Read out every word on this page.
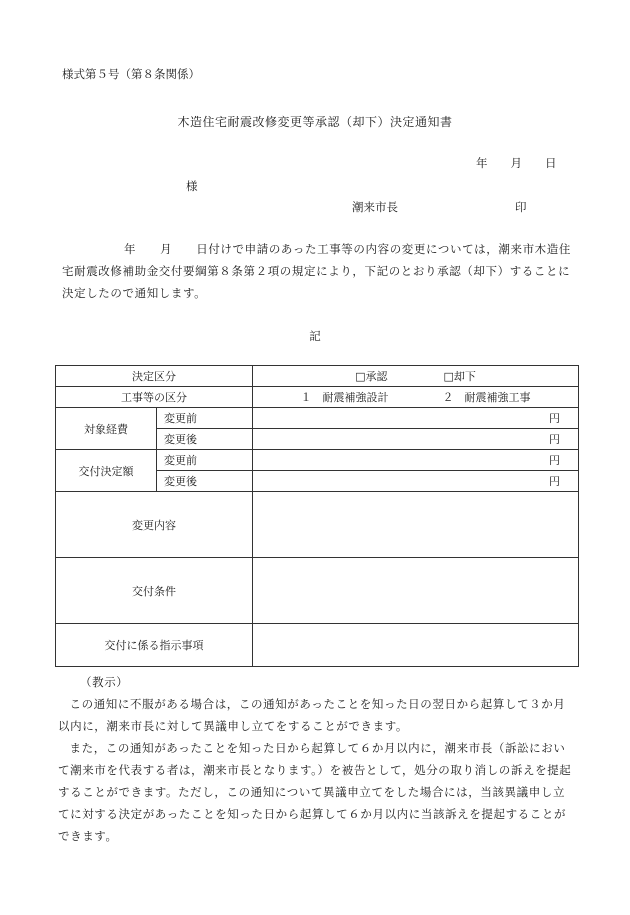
様式第５号（第８条関係）
木造住宅耐震改修変更等承認（却下）決定通知書
年 月 日
様
潮来市長	印
年 月 日付けで申請のあった工事等の内容の変更については，潮来市木造住宅耐震改修補助金交付要綱第８条第２項の規定により，下記のとおり承認（却下）することに決定したので通知します。
記
決定区分		□承認 □却下
工事等の区分		１　耐震補強設計 ２　耐震補強工事
対象経費	変更前	円
	変更後	円
交付決定額	変更前	円
	変更後	円
変更内容		
交付条件		
交付に係る指示事項		

（教示）

この通知に不服がある場合は，この通知があったことを知った日の翌日から起算して３か月以内に，潮来市長に対して異議申し立てをすることができます。

また，この通知があったことを知った日から起算して６か月以内に，潮来市長（訴訟において潮来市を代表する者は，潮来市長となります。）を被告として，処分の取り消しの訴えを提起することができます。ただし，この通知について異議申立てをした場合には，当該異議申し立てに対する決定があったことを知った日から起算して６か月以内に当該訴えを提起することができます。
